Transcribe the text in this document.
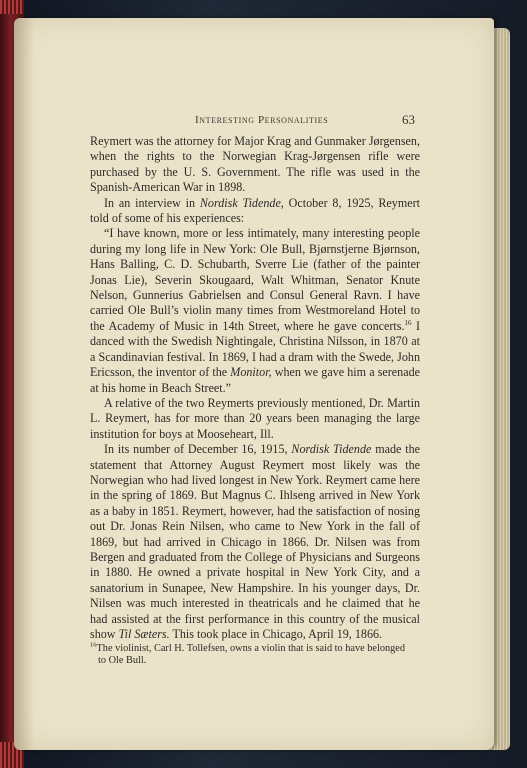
Interesting Personalities	63

Reymert was the attorney for Major Krag and Gunmaker Jørgensen, when the rights to the Norwegian Krag-Jørgensen rifle were purchased by the U. S. Government. The rifle was used in the Spanish-American War in 1898.

In an interview in Nordisk Tidende, October 8, 1925, Reymert told of some of his experiences:

“I have known, more or less intimately, many interesting people during my long life in New York: Ole Bull, Bjørnstjerne Bjørnson, Hans Balling, C. D. Schubarth, Sverre Lie (father of the painter Jonas Lie), Severin Skougaard, Walt Whitman, Senator Knute Nelson, Gunnerius Gabrielsen and Consul General Ravn. I have carried Ole Bull’s violin many times from Westmoreland Hotel to the Academy of Music in 14th Street, where he gave concerts.$^{16}$ I danced with the Swedish Nightingale, Christina Nilsson, in 1870 at a Scandinavian festival. In 1869, I had a dram with the Swede, John Ericsson, the inventor of the Monitor, when we gave him a serenade at his home in Beach Street.”

A relative of the two Reymerts previously mentioned, Dr. Martin L. Reymert, has for more than 20 years been managing the large institution for boys at Mooseheart, Ill.

In its number of December 16, 1915, Nordisk Tidende made the statement that Attorney August Reymert most likely was the Norwegian who had lived longest in New York. Reymert came here in the spring of 1869. But Magnus C. Ihlseng arrived in New York as a baby in 1851. Reymert, however, had the satisfaction of nosing out Dr. Jonas Rein Nilsen, who came to New York in the fall of 1869, but had arrived in Chicago in 1866. Dr. Nilsen was from Bergen and graduated from the College of Physicians and Surgeons in 1880. He owned a private hospital in New York City, and a sanatorium in Sunapee, New Hampshire. In his younger days, Dr. Nilsen was much interested in theatricals and he claimed that he had assisted at the first performance in this country of the musical show Til Sæters. This took place in Chicago, April 19, 1866.

$^{16}$The violinist, Carl H. Tollefsen, owns a violin that is said to have belonged
to Ole Bull.
